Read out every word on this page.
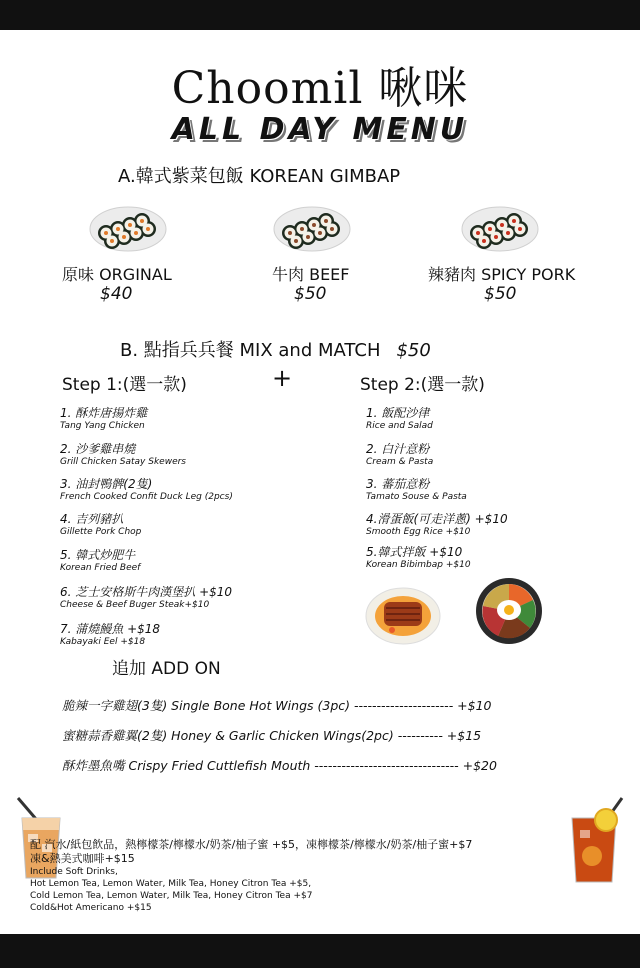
Choomil 啾咪
ALL DAY MENU
A.韓式紫菜包飯 KOREAN GIMBAP
原味 ORGINAL
$40
牛肉 BEEF
$50
辣豬肉 SPICY PORK
$50
B. 點指兵兵餐 MIX and MATCH $50
Step 1:(選一款)	+	Step 2:(選一款)
1. 酥炸唐揚炸雞
Tang Yang Chicken
2. 沙爹雞串燒
Grill Chicken Satay Skewers
3. 油封鴨髀(2隻)
French Cooked Confit Duck Leg (2pcs)
4. 吉列豬扒
Gillette Pork Chop
5. 韓式炒肥牛
Korean Fried Beef
6. 芝士安格斯牛肉漢堡扒 +$10
Cheese & Beef Buger Steak+$10
7. 蒲燒鰻魚 +$18
Kabayaki Eel +$18
1. 飯配沙律
Rice and Salad
2. 白汁意粉
Cream & Pasta
3. 蕃茄意粉
Tamato Souse & Pasta
4.滑蛋飯(可走洋蔥) +$10
Smooth Egg Rice +$10
5.韓式拌飯 +$10
Korean Bibimbap +$10
追加 ADD ON
脆辣一字雞翅(3隻) Single Bone Hot Wings (3pc) ---------------------- +$10
蜜糖蒜香雞翼(2隻) Honey & Garlic Chicken Wings(2pc) ---------- +$15
酥炸墨魚嘴 Crispy Fried Cuttlefish Mouth -------------------------------- +$20
配 汽水/紙包飲品，熱檸檬茶/檸檬水/奶茶/柚子蜜 +$5，凍檸檬茶/檸檬水/奶茶/柚子蜜+$7
凍&熱美式咖啡+$15
Include Soft Drinks,
Hot Lemon Tea, Lemon Water, Milk Tea, Honey Citron Tea +$5,
Cold Lemon Tea, Lemon Water, Milk Tea, Honey Citron Tea +$7
Cold&Hot Americano +$15
